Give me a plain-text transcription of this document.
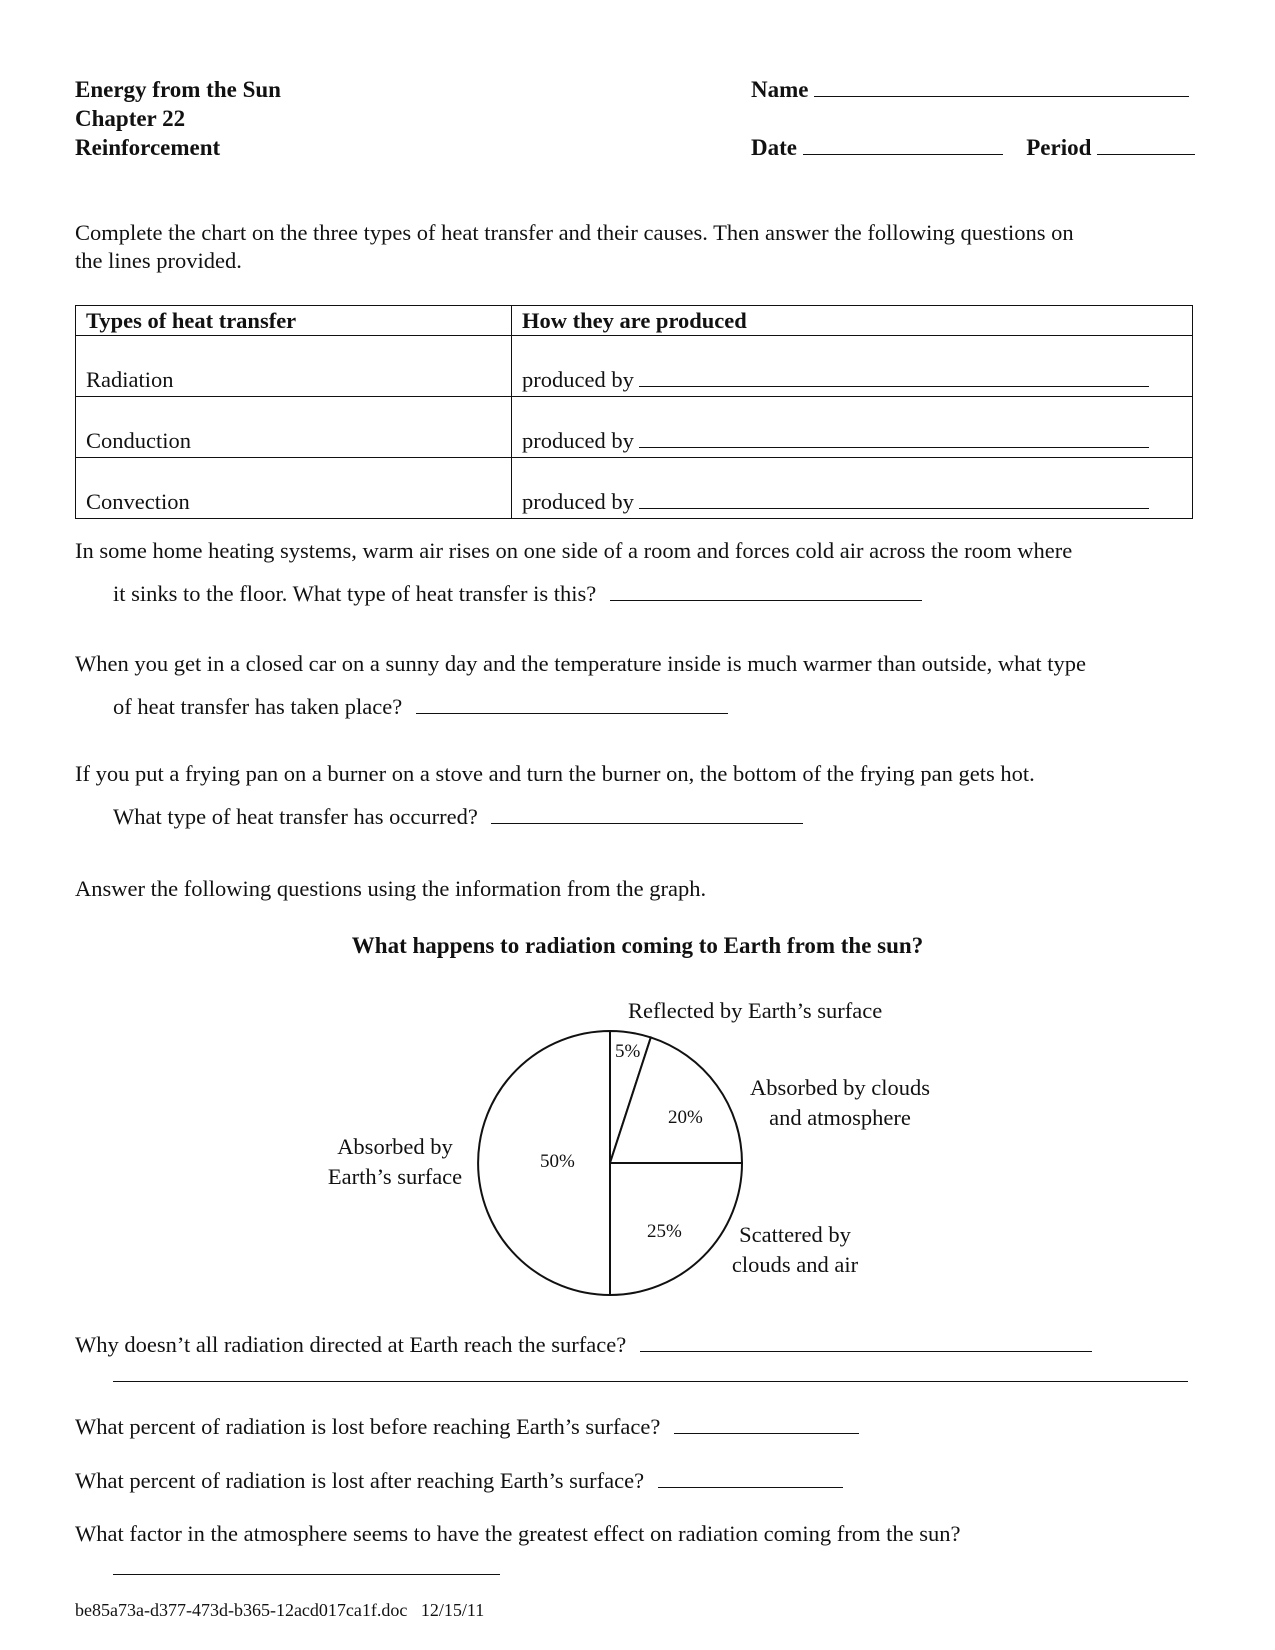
Energy from the Sun
Chapter 22
Reinforcement
Name
Date	Period
Complete the chart on the three types of heat transfer and their causes. Then answer the following questions on
the lines provided.
Types of heat transfer	How they are produced
Radiation	produced by
Conduction	produced by
Convection	produced by
In some home heating systems, warm air rises on one side of a room and forces cold air across the room where
it sinks to the floor. What type of heat transfer is this?
When you get in a closed car on a sunny day and the temperature inside is much warmer than outside, what type
of heat transfer has taken place?
If you put a frying pan on a burner on a stove and turn the burner on, the bottom of the frying pan gets hot.
What type of heat transfer has occurred?
Answer the following questions using the information from the graph.
What happens to radiation coming to Earth from the sun?
5%
20%
25%
50%
Reflected by Earth’s surface
Absorbed by clouds
and atmosphere
Scattered by
clouds and air
Absorbed by
Earth’s surface
Why doesn’t all radiation directed at Earth reach the surface?
What percent of radiation is lost before reaching Earth’s surface?
What percent of radiation is lost after reaching Earth’s surface?
What factor in the atmosphere seems to have the greatest effect on radiation coming from the sun?
be85a73a-d377-473d-b365-12acd017ca1f.doc   12/15/11
